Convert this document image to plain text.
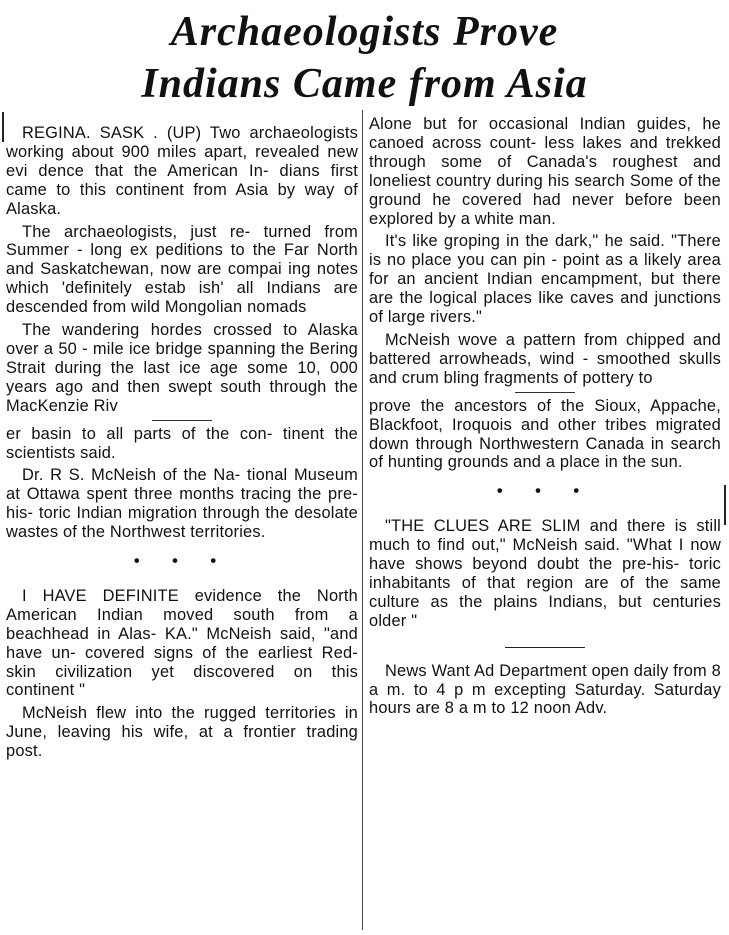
Archaeologists Prove
Indians Came from Asia

REGINA. SASK . (UP) Two archaeologists working about 900 miles apart, revealed new evi dence that the American In- dians first came to this continent from Asia by way of Alaska.

The archaeologists, just re- turned from Summer - long ex peditions to the Far North and Saskatchewan, now are compai ing notes which 'definitely estab ish' all Indians are descended from wild Mongolian nomads

The wandering hordes crossed to Alaska over a 50 - mile ice bridge spanning the Bering Strait during the last ice age some 10, 000 years ago and then swept south through the MacKenzie Riv

er basin to all parts of the con- tinent the scientists said.

Dr. R S. McNeish of the Na- tional Museum at Ottawa spent three months tracing the pre-his- toric Indian migration through the desolate wastes of the Northwest territories.

• • •

I HAVE DEFINITE evidence the North American Indian moved south from a beachhead in Alas- KA." McNeish said, "and have un- covered signs of the earliest Red- skin civilization yet discovered on this continent "

McNeish flew into the rugged territories in June, leaving his wife, at a frontier trading post.

Alone but for occasional Indian guides, he canoed across count- less lakes and trekked through some of Canada's roughest and loneliest country during his search Some of the ground he covered had never before been explored by a white man.

It's like groping in the dark," he said. "There is no place you can pin - point as a likely area for an ancient Indian encampment, but there are the logical places like caves and junctions of large rivers."

McNeish wove a pattern from chipped and battered arrowheads, wind - smoothed skulls and crum bling fragments of pottery to

prove the ancestors of the Sioux, Appache, Blackfoot, Iroquois and other tribes migrated down through Northwestern Canada in search of hunting grounds and a place in the sun.

• • •

"THE CLUES ARE SLIM and there is still much to find out," McNeish said. "What I now have shows beyond doubt the pre-his- toric inhabitants of that region are of the same culture as the plains Indians, but centuries older "

News Want Ad Department open daily from 8 a m. to 4 p m excepting Saturday. Saturday hours are 8 a m to 12 noon Adv.
